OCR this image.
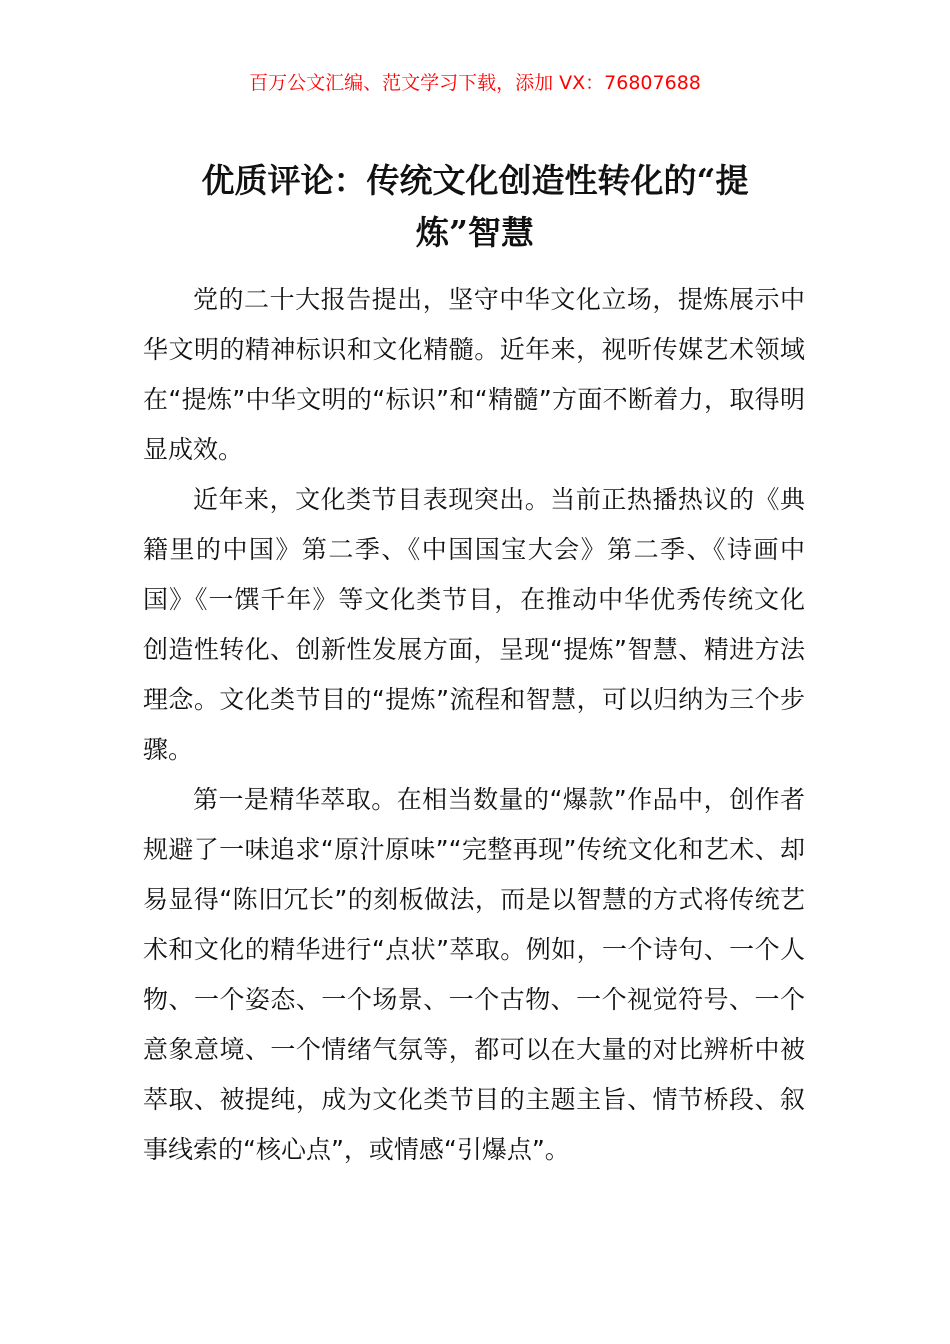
百万公文汇编、范文学习下载，添加 VX：76807688
优质评论：传统文化创造性转化的“提炼”智慧

党的二十大报告提出，坚守中华文化立场，提炼展示中华文明的精神标识和文化精髓。近年来，视听传媒艺术领域在“提炼”中华文明的“标识”和“精髓”方面不断着力，取得明显成效。

近年来，文化类节目表现突出。当前正热播热议的《典籍里的中国》第二季、《中国国宝大会》第二季、《诗画中国》《一馔千年》等文化类节目，在推动中华优秀传统文化创造性转化、创新性发展方面，呈现“提炼”智慧、精进方法理念。文化类节目的“提炼”流程和智慧，可以归纳为三个步骤。

第一是精华萃取。在相当数量的“爆款”作品中，创作者规避了一味追求“原汁原味”“完整再现”传统文化和艺术、却易显得“陈旧冗长”的刻板做法，而是以智慧的方式将传统艺术和文化的精华进行“点状”萃取。例如，一个诗句、一个人物、一个姿态、一个场景、一个古物、一个视觉符号、一个意象意境、一个情绪气氛等，都可以在大量的对比辨析中被萃取、被提纯，成为文化类节目的主题主旨、情节桥段、叙事线索的“核心点”，或情感“引爆点”。
